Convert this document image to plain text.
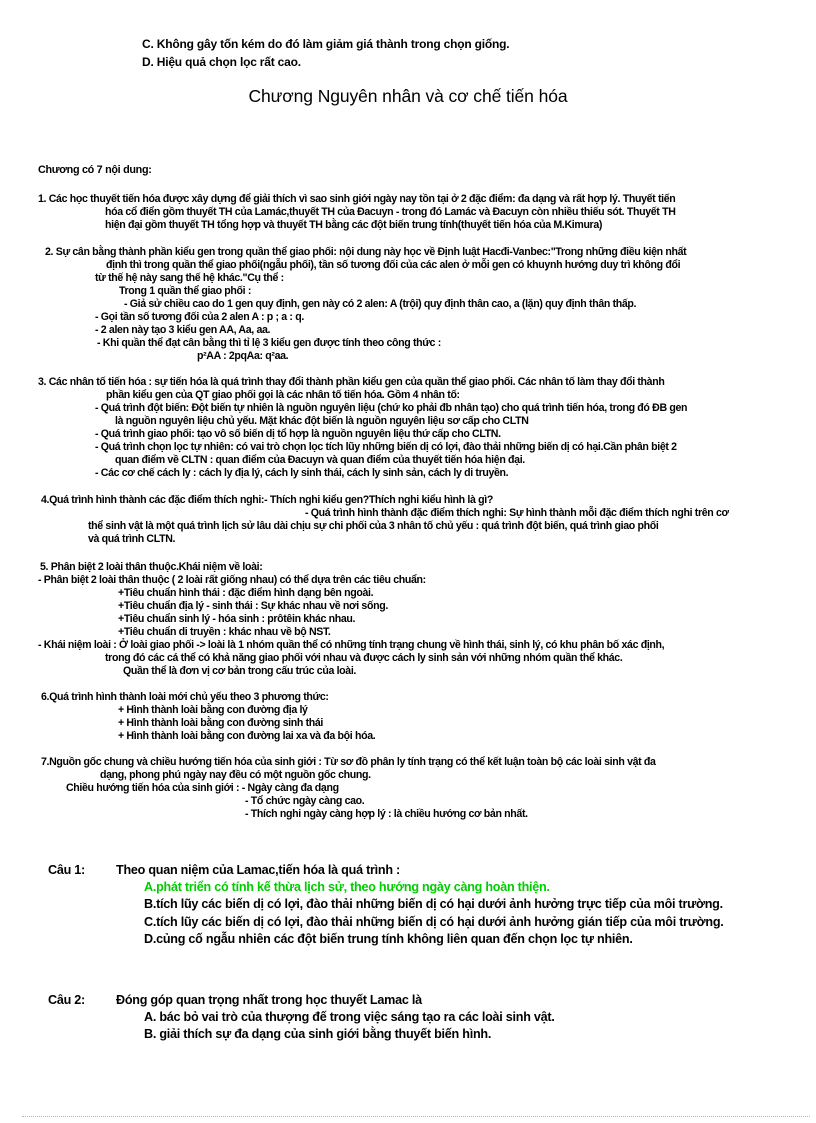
C. Không gây tốn kém do đó làm giảm giá thành trong chọn giống.
D. Hiệu quả chọn lọc rất cao.
Chương Nguyên nhân và cơ chế tiến hóa
Chương có 7 nội dung:
1. Các học thuyết tiến hóa được xây dựng để giải thích vì sao sinh giới ngày nay tồn tại ở 2 đặc điểm: đa dạng và rất hợp lý. Thuyết tiến
hóa cổ điển gồm thuyết TH của Lamác,thuyết TH của Đacuyn - trong đó Lamác và Đacuyn còn nhiều thiếu sót. Thuyết TH
hiện đại gồm thuyết TH tổng hợp và thuyết TH bằng các đột biến trung tính(thuyết tiến hóa của M.Kimura)
2. Sự cân bằng thành phần kiểu gen trong quần thể giao phối: nội dung này học về Định luật Hacđi-Vanbec:"Trong những điều kiện nhất
định thì trong quần thể giao phối(ngẫu phối), tần số tương đối của các alen ở mỗi gen có khuynh hướng duy trì không đổi
từ thế hệ này sang thế hệ khác."Cụ thể :
Trong 1 quần thể giao phối :
- Giả sử chiều cao do 1 gen quy định, gen này có 2 alen: A (trội) quy định thân cao, a (lặn) quy định thân thấp.
- Gọi tần số tương đối của 2 alen A : p ; a : q.
- 2 alen này tạo 3 kiểu gen AA, Aa, aa.
- Khi quần thể đạt cân bằng thì tỉ lệ 3 kiểu gen được tính theo công thức :
p²AA : 2pqAa: q²aa.
3. Các nhân tố tiến hóa : sự tiến hóa là quá trình thay đổi thành phần kiểu gen của quần thể giao phối. Các nhân tố làm thay đổi thành
phần kiểu gen của QT giao phối gọi là các nhân tố tiến hóa. Gồm 4 nhân tố:
- Quá trình đột biến: Đột biến tự nhiên là nguồn nguyên liệu (chứ ko phải đb nhân tạo) cho quá trình tiến hóa, trong đó ĐB gen
là nguồn nguyên liệu chủ yếu. Mặt khác đột biến là nguồn nguyên liệu sơ cấp cho CLTN
- Quá trình giao phối: tạo vô số biến dị tổ hợp là nguồn nguyên liệu thứ cấp cho CLTN.
- Quá trình chọn lọc tự nhiên: có vai trò chọn lọc tích lũy những biến dị có lợi, đào thải những biến dị có hại.Cần phân biệt 2
quan điểm về CLTN : quan điểm của Đacuyn và quan điểm của thuyết tiến hóa hiện đại.
- Các cơ chế cách ly : cách ly địa lý, cách ly sinh thái, cách ly sinh sản, cách ly di truyền.
4.Quá trình hình thành các đặc điểm thích nghi:- Thích nghi kiểu gen?Thích nghi kiểu hình là gì?
- Quá trình hình thành đặc điểm thích nghi: Sự hình thành mỗi đặc điểm thích nghi trên cơ
thể sinh vật là một quá trình lịch sử lâu dài chịu sự chi phối của 3 nhân tố chủ yếu : quá trình đột biến, quá trình giao phối
và quá trình CLTN.
5. Phân biệt 2 loài thân thuộc.Khái niệm về loài:
- Phân biệt 2 loài thân thuộc ( 2 loài rất giống nhau) có thể dựa trên các tiêu chuẩn:
+Tiêu chuẩn hình thái : đặc điểm hình dạng bên ngoài.
+Tiêu chuẩn địa lý - sinh thái : Sự khác nhau về nơi sống.
+Tiêu chuẩn sinh lý - hóa sinh : prôtêin khác nhau.
+Tiêu chuẩn di truyền : khác nhau về bộ NST.
- Khái niệm loài : Ở loài giao phối -> loài là 1 nhóm quần thể có những tính trạng chung về hình thái, sinh lý, có khu phân bố xác định,
trong đó các cá thể có khả năng giao phối với nhau và được cách ly sinh sản với những nhóm quần thể khác.
Quần thể là đơn vị cơ bản trong cấu trúc của loài.
6.Quá trình hình thành loài mới chủ yếu theo 3 phương thức:
+ Hình thành loài bằng con đường địa lý
+ Hình thành loài bằng con đường sinh thái
+ Hình thành loài bằng con đường lai xa và đa bội hóa.
7.Nguồn gốc chung và chiều hướng tiến hóa của sinh giới : Từ sơ đồ phân ly tính trạng có thể kết luận toàn bộ các loài sinh vật đa
dạng, phong phú ngày nay đều có một nguồn gốc chung.
Chiều hướng tiến hóa của sinh giới : - Ngày càng đa dạng
- Tổ chức ngày càng cao.
- Thích nghi ngày càng hợp lý : là chiều hướng cơ bản nhất.
Câu 1:	Theo quan niệm của Lamac,tiến hóa là quá trình :
A.phát triển có tính kế thừa lịch sử, theo hướng ngày càng hoàn thiện.
B.tích lũy các biến dị có lợi, đào thải những biến dị có hại dưới ảnh hưởng trực tiếp của môi trường.
C.tích lũy các biến dị có lợi, đào thải những biến dị có hại dưới ảnh hưởng gián tiếp của môi trường.
D.củng cố ngẫu nhiên các đột biến trung tính không liên quan đến chọn lọc tự nhiên.
Câu 2:	Đóng góp quan trọng nhất trong học thuyết Lamac là
A. bác bỏ vai trò của thượng đế trong việc sáng tạo ra các loài sinh vật.
B. giải thích sự đa dạng của sinh giới bằng thuyết biến hình.
